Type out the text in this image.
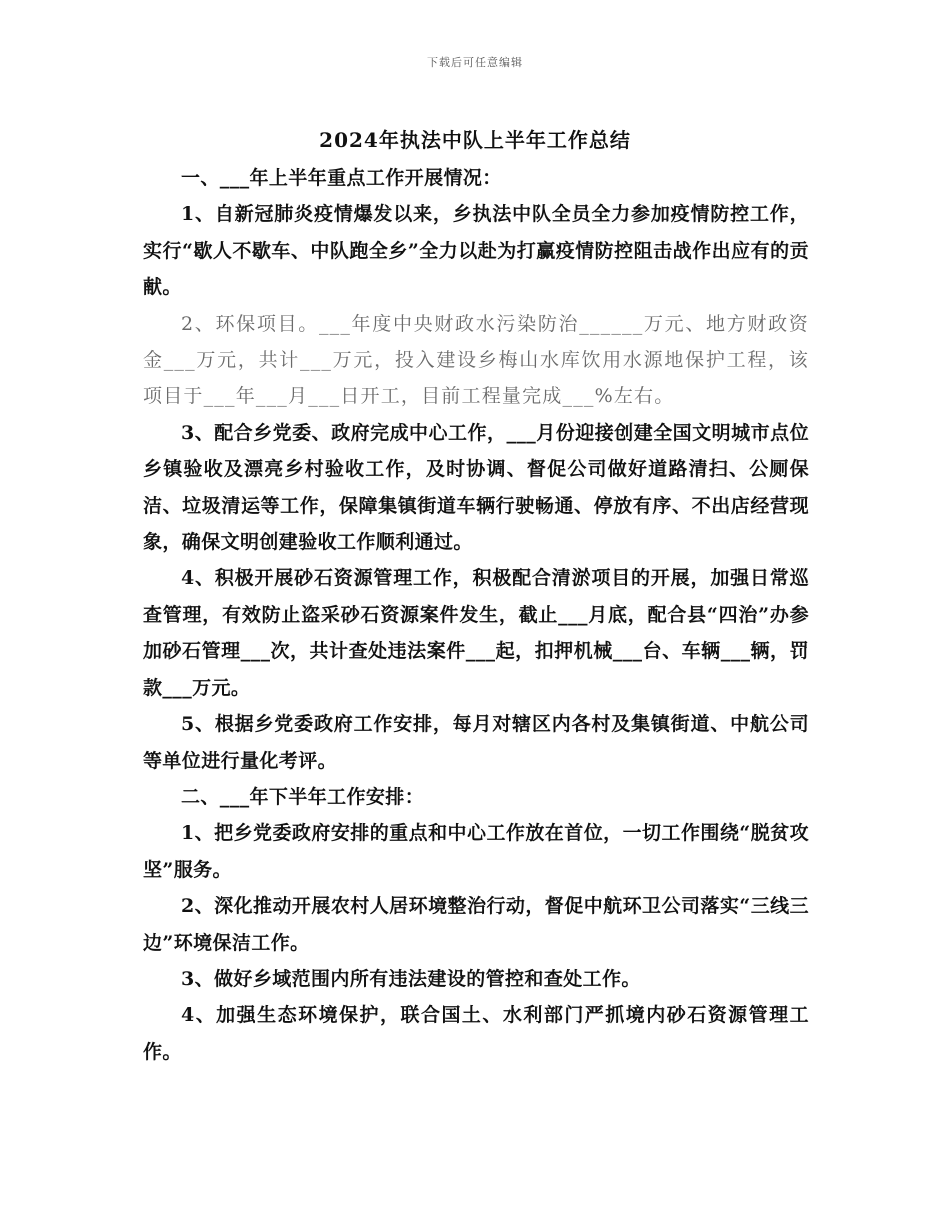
下载后可任意编辑
2024年执法中队上半年工作总结

一、___年上半年重点工作开展情况：

1、自新冠肺炎疫情爆发以来，乡执法中队全员全力参加疫情防控工作，实行“歇人不歇车、中队跑全乡”全力以赴为打赢疫情防控阻击战作出应有的贡献。

2、环保项目。___年度中央财政水污染防治______万元、地方财政资金___万元，共计___万元，投入建设乡梅山水库饮用水源地保护工程，该项目于___年___月___日开工，目前工程量完成___%左右。

3、配合乡党委、政府完成中心工作，___月份迎接创建全国文明城市点位乡镇验收及漂亮乡村验收工作，及时协调、督促公司做好道路清扫、公厕保洁、垃圾清运等工作，保障集镇街道车辆行驶畅通、停放有序、不出店经营现象，确保文明创建验收工作顺利通过。

4、积极开展砂石资源管理工作，积极配合清淤项目的开展，加强日常巡查管理，有效防止盗采砂石资源案件发生，截止___月底，配合县“四治”办参加砂石管理___次，共计查处违法案件___起，扣押机械___台、车辆___辆，罚款___万元。

5、根据乡党委政府工作安排，每月对辖区内各村及集镇街道、中航公司等单位进行量化考评。

二、___年下半年工作安排：

1、把乡党委政府安排的重点和中心工作放在首位，一切工作围绕“脱贫攻坚”服务。

2、深化推动开展农村人居环境整治行动，督促中航环卫公司落实“三线三边”环境保洁工作。

3、做好乡域范围内所有违法建设的管控和查处工作。

4、加强生态环境保护，联合国土、水利部门严抓境内砂石资源管理工作。
